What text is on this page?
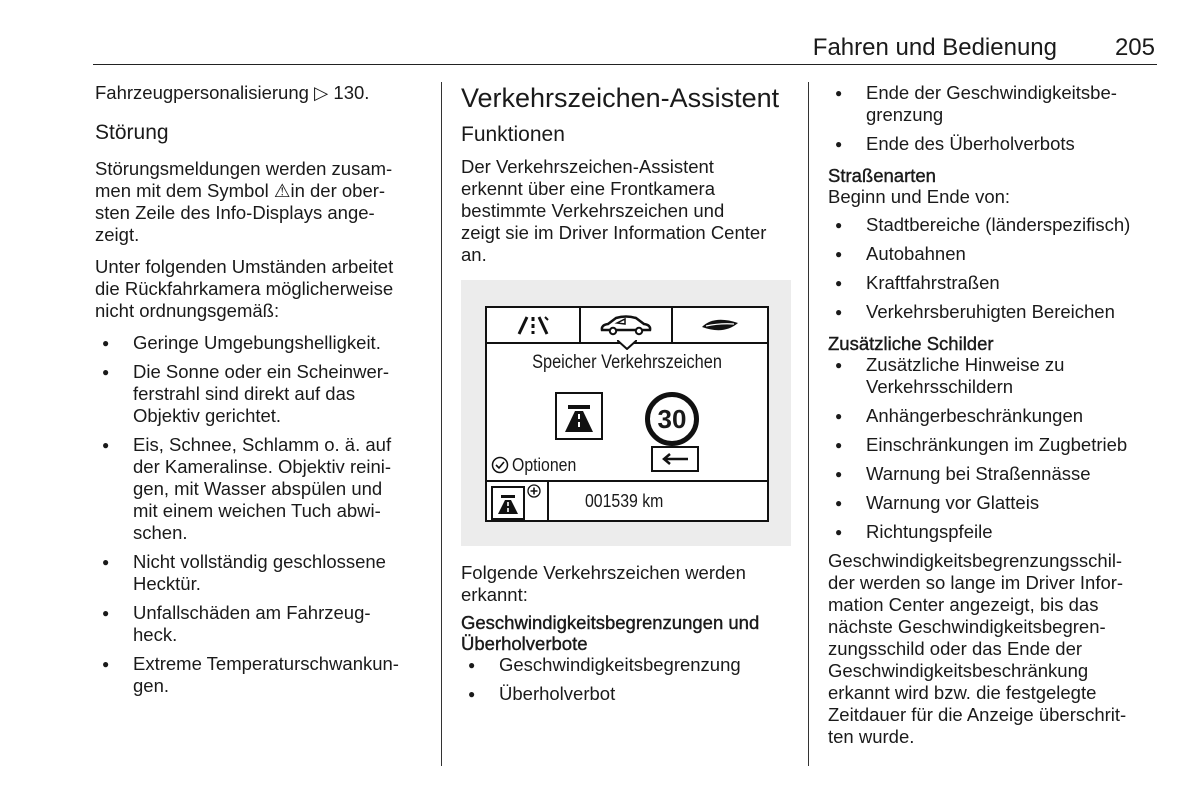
Fahren und Bedienung 205

Fahrzeugpersonalisierung ▷ 130.

Störung

Störungsmeldungen werden zusam-
men mit dem Symbol ⚠in der ober-
sten Zeile des Info-Displays ange-
zeigt.

Unter folgenden Umständen arbeitet
die Rückfahrkamera möglicherweise
nicht ordnungsgemäß:

● Geringe Umgebungshelligkeit.
● Die Sonne oder ein Scheinwer-
ferstrahl sind direkt auf das
Objektiv gerichtet.
● Eis, Schnee, Schlamm o. ä. auf
der Kameralinse. Objektiv reini-
gen, mit Wasser abspülen und
mit einem weichen Tuch abwi-
schen.
● Nicht vollständig geschlossene
Hecktür.
● Unfallschäden am Fahrzeug-
heck.
● Extreme Temperaturschwankun-
gen.
Verkehrszeichen-Assistent
Funktionen

Der Verkehrszeichen-Assistent
erkennt über eine Frontkamera
bestimmte Verkehrszeichen und
zeigt sie im Driver Information Center
an.

Speicher Verkehrszeichen
30
Optionen
001539 km

Folgende Verkehrszeichen werden
erkannt:

Geschwindigkeitsbegrenzungen und
Überholverbote
● Geschwindigkeitsbegrenzung
● Überholverbot
● Ende der Geschwindigkeitsbe-
grenzung
● Ende des Überholverbots
Straßenarten

Beginn und Ende von:

● Stadtbereiche (länderspezifisch)
● Autobahnen
● Kraftfahrstraßen
● Verkehrsberuhigten Bereichen
Zusätzliche Schilder
● Zusätzliche Hinweise zu
Verkehrsschildern
● Anhängerbeschränkungen
● Einschränkungen im Zugbetrieb
● Warnung bei Straßennässe
● Warnung vor Glatteis
● Richtungspfeile

Geschwindigkeitsbegrenzungsschil-
der werden so lange im Driver Infor-
mation Center angezeigt, bis das
nächste Geschwindigkeitsbegren-
zungsschild oder das Ende der
Geschwindigkeitsbeschränkung
erkannt wird bzw. die festgelegte
Zeitdauer für die Anzeige überschrit-
ten wurde.
